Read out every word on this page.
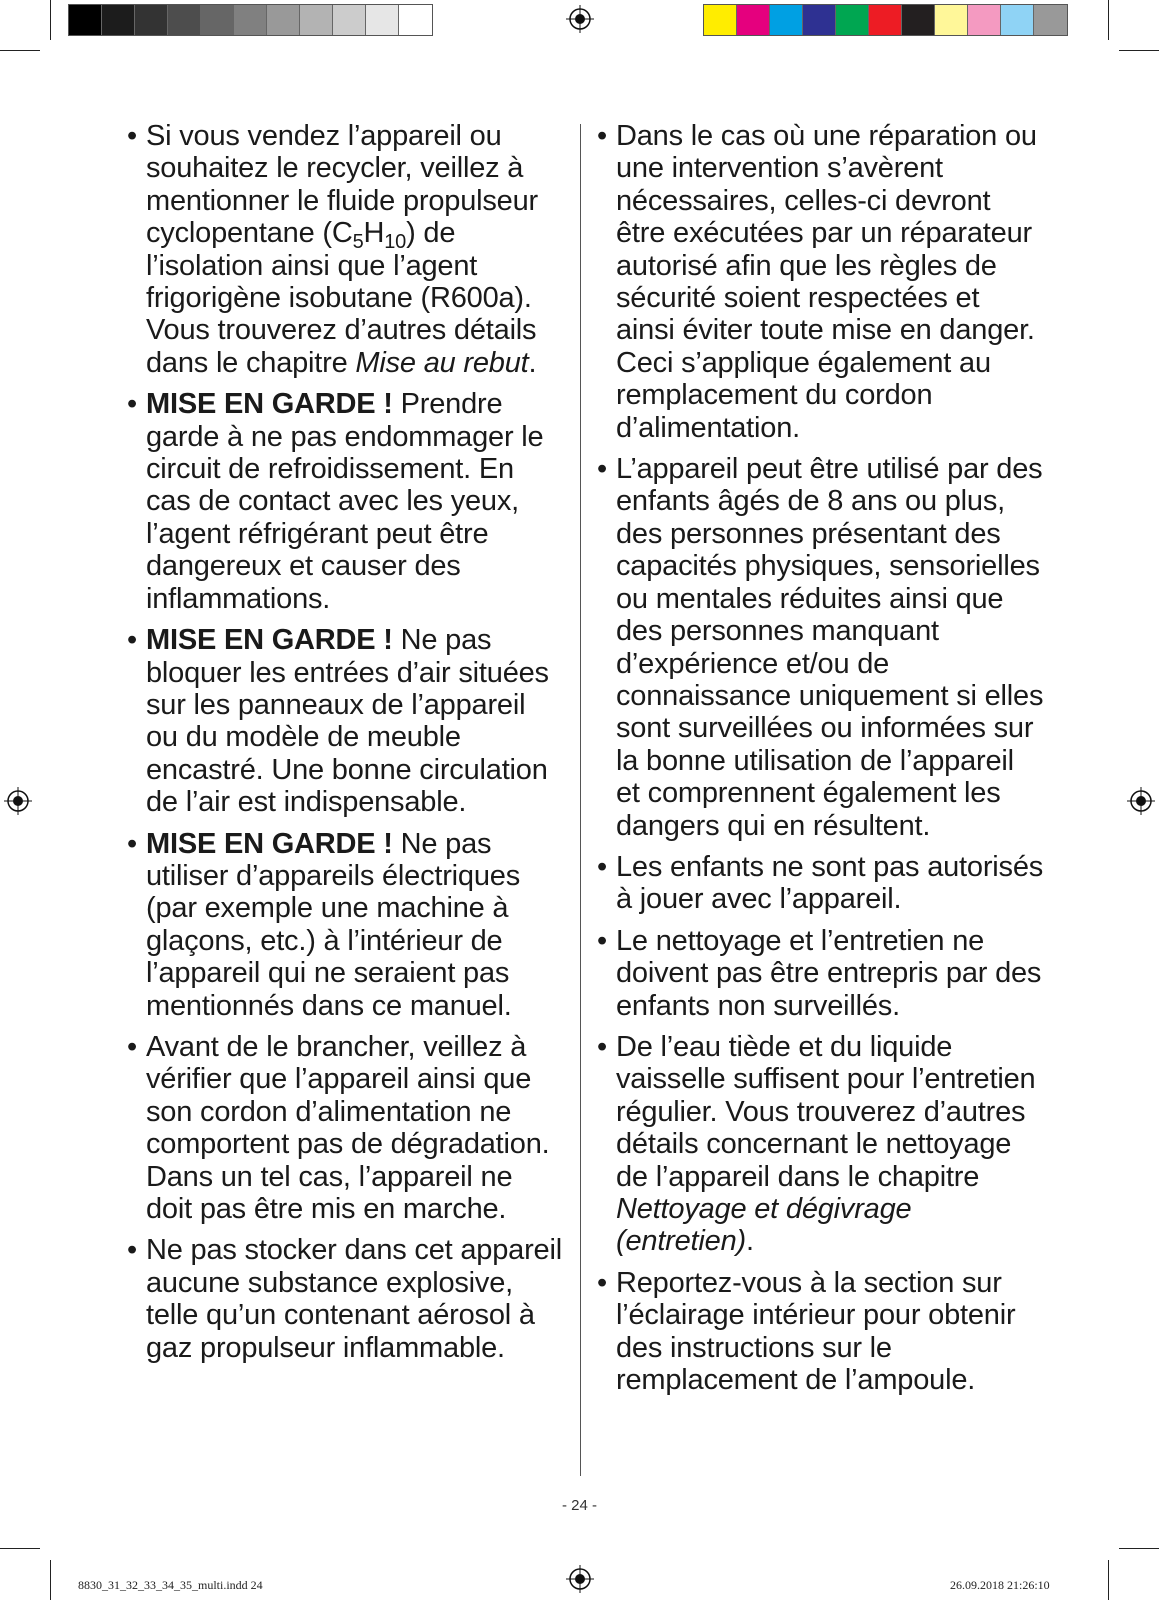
• Si vous vendez l’appareil ou souhaitez le recycler, veillez à mentionner le fluide propulseur cyclopentane $(C_5H_{10})$ de l’isolation ainsi que l’agent frigorigène isobutane (R600a). Vous trouverez d’autres détails dans le chapitre Mise au rebut.
• MISE EN GARDE ! Prendre garde à ne pas endommager le circuit de refroidissement. En cas de contact avec les yeux, l’agent réfrigérant peut être dangereux et causer des inflammations.
• MISE EN GARDE ! Ne pas bloquer les entrées d’air situées sur les panneaux de l’appareil ou du modèle de meuble encastré. Une bonne circulation de l’air est indispensable.
• MISE EN GARDE ! Ne pas utiliser d’appareils électriques (par exemple une machine à glaçons, etc.) à l’intérieur de l’appareil qui ne seraient pas mentionnés dans ce manuel.
• Avant de le brancher, veillez à vérifier que l’appareil ainsi que son cordon d’alimentation ne comportent pas de dégradation. Dans un tel cas, l’appareil ne doit pas être mis en marche.
• Ne pas stocker dans cet appareil aucune substance explosive, telle qu’un contenant aérosol à gaz propulseur inflammable.
• Dans le cas où une réparation ou une intervention s’avèrent nécessaires, celles-ci devront être exécutées par un réparateur autorisé afin que les règles de sécurité soient respectées et ainsi éviter toute mise en danger. Ceci s’applique également au remplacement du cordon d’alimentation.
• L’appareil peut être utilisé par des enfants âgés de 8 ans ou plus, des personnes présentant des capacités physiques, sensorielles ou mentales réduites ainsi que des personnes manquant d’expérience et/ou de connaissance uniquement si elles sont surveillées ou informées sur la bonne utilisation de l’appareil et comprennent également les dangers qui en résultent.
• Les enfants ne sont pas autorisés à jouer avec l’appareil.
• Le nettoyage et l’entretien ne doivent pas être entrepris par des enfants non surveillés.
• De l’eau tiède et du liquide vaisselle suffisent pour l’entretien régulier. Vous trouverez d’autres détails concernant le nettoyage de l’appareil dans le chapitre Nettoyage et dégivrage (entretien).
• Reportez-vous à la section sur l’éclairage intérieur pour obtenir des instructions sur le remplacement de l’ampoule.
- 24 -
8830_31_32_33_34_35_multi.indd 24	26.09.2018 21:26:10
